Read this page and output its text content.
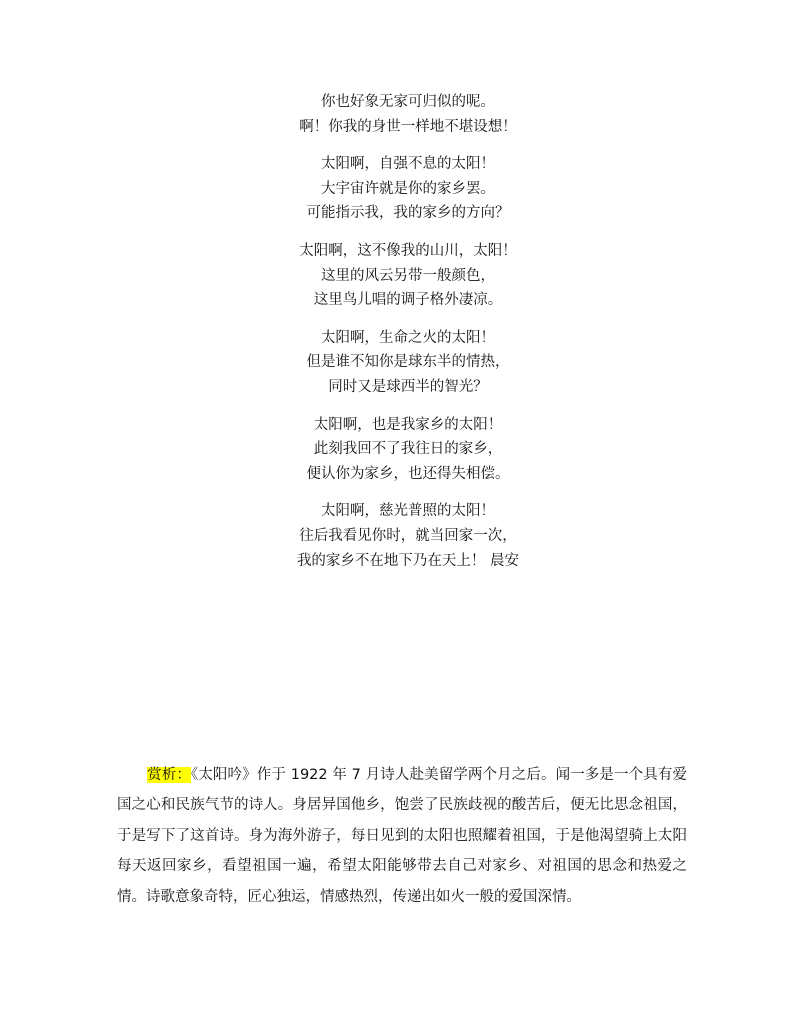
你也好象无家可归似的呢。
啊！你我的身世一样地不堪设想！
太阳啊，自强不息的太阳！
大宇宙许就是你的家乡罢。
可能指示我，我的家乡的方向？
太阳啊，这不像我的山川，太阳！
这里的风云另带一般颜色，
这里鸟儿唱的调子格外凄凉。
太阳啊，生命之火的太阳！
但是谁不知你是球东半的情热，
同时又是球西半的智光？
太阳啊，也是我家乡的太阳！
此刻我回不了我往日的家乡，
便认你为家乡，也还得失相偿。
太阳啊，慈光普照的太阳！
往后我看见你时，就当回家一次，
我的家乡不在地下乃在天上！ 晨安
赏析：《太阳吟》作于 1922 年 7 月诗人赴美留学两个月之后。闻一多是一个具有爱国之心和民族气节的诗人。身居异国他乡，饱尝了民族歧视的酸苦后，便无比思念祖国，于是写下了这首诗。身为海外游子，每日见到的太阳也照耀着祖国，于是他渴望骑上太阳每天返回家乡，看望祖国一遍，希望太阳能够带去自己对家乡、对祖国的思念和热爱之情。诗歌意象奇特，匠心独运，情感热烈，传递出如火一般的爱国深情。
